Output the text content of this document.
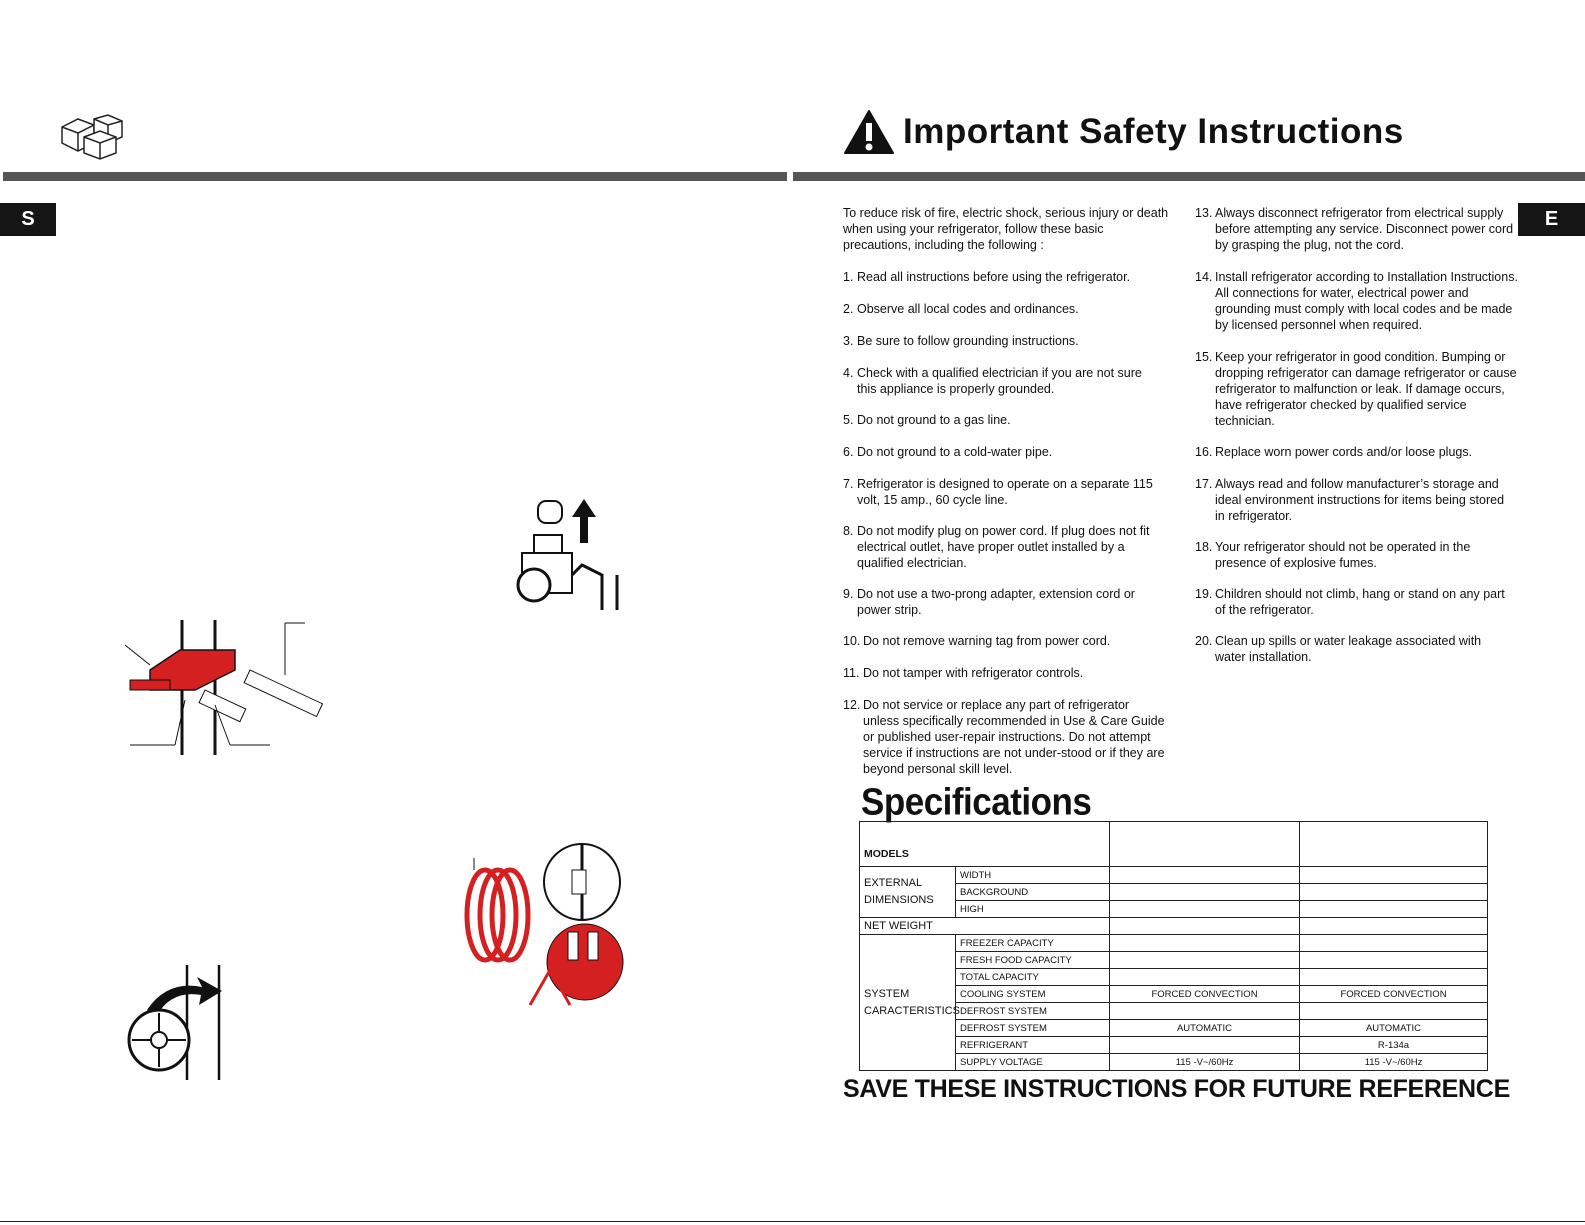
S
Important Safety Instructions
E
To reduce risk of fire, electric shock, serious injury or death when using your refrigerator, follow these basic precautions, including the following :
1. Read all instructions before using the refrigerator.
2. Observe all local codes and ordinances.
3. Be sure to follow grounding instructions.
4. Check with a qualified electrician if you are not sure this appliance is properly grounded.
5. Do not ground to a gas line.
6. Do not ground to a cold-water pipe.
7. Refrigerator is designed to operate on a separate 115 volt, 15 amp., 60 cycle line.
8. Do not modify plug on power cord. If plug does not fit electrical outlet, have proper outlet installed by a qualified electrician.
9. Do not use a two-prong adapter, extension cord or power strip.
10. Do not remove warning tag from power cord.
11. Do not tamper with refrigerator controls.
12. Do not service or replace any part of refrigerator unless specifically recommended in Use & Care Guide or published user-repair instructions. Do not attempt service if instructions are not under-stood or if they are beyond personal skill level.
13. Always disconnect refrigerator from electrical supply before attempting any service. Disconnect power cord by grasping the plug, not the cord.
14. Install refrigerator according to Installation Instructions. All connections for water, electrical power and grounding must comply with local codes and be made by licensed personnel when required.
15. Keep your refrigerator in good condition. Bumping or dropping refrigerator can damage refrigerator or cause refrigerator to malfunction or leak. If damage occurs, have refrigerator checked by qualified service technician.
16. Replace worn power cords and/or loose plugs.
17. Always read and follow manufacturer’s storage and ideal environment instructions for items being stored in refrigerator.
18. Your refrigerator should not be operated in the presence of explosive fumes.
19. Children should not climb, hang or stand on any part of the refrigerator.
20. Clean up spills or water leakage associated with water installation.
Specifications
MODELS			
EXTERNAL DIMENSIONS	WIDTH		
	BACKGROUND		
	HIGH		
NET WEIGHT			
SYSTEM CARACTERISTICS	FREEZER CAPACITY		
	FRESH FOOD CAPACITY		
	TOTAL CAPACITY		
	COOLING SYSTEM	FORCED CONVECTION	FORCED CONVECTION
	DEFROST SYSTEM		
	DEFROST SYSTEM	AUTOMATIC	AUTOMATIC
	REFRIGERANT		R-134a
	SUPPLY VOLTAGE	115 -V~/60Hz	115 -V~/60Hz
SAVE THESE INSTRUCTIONS FOR FUTURE REFERENCE
